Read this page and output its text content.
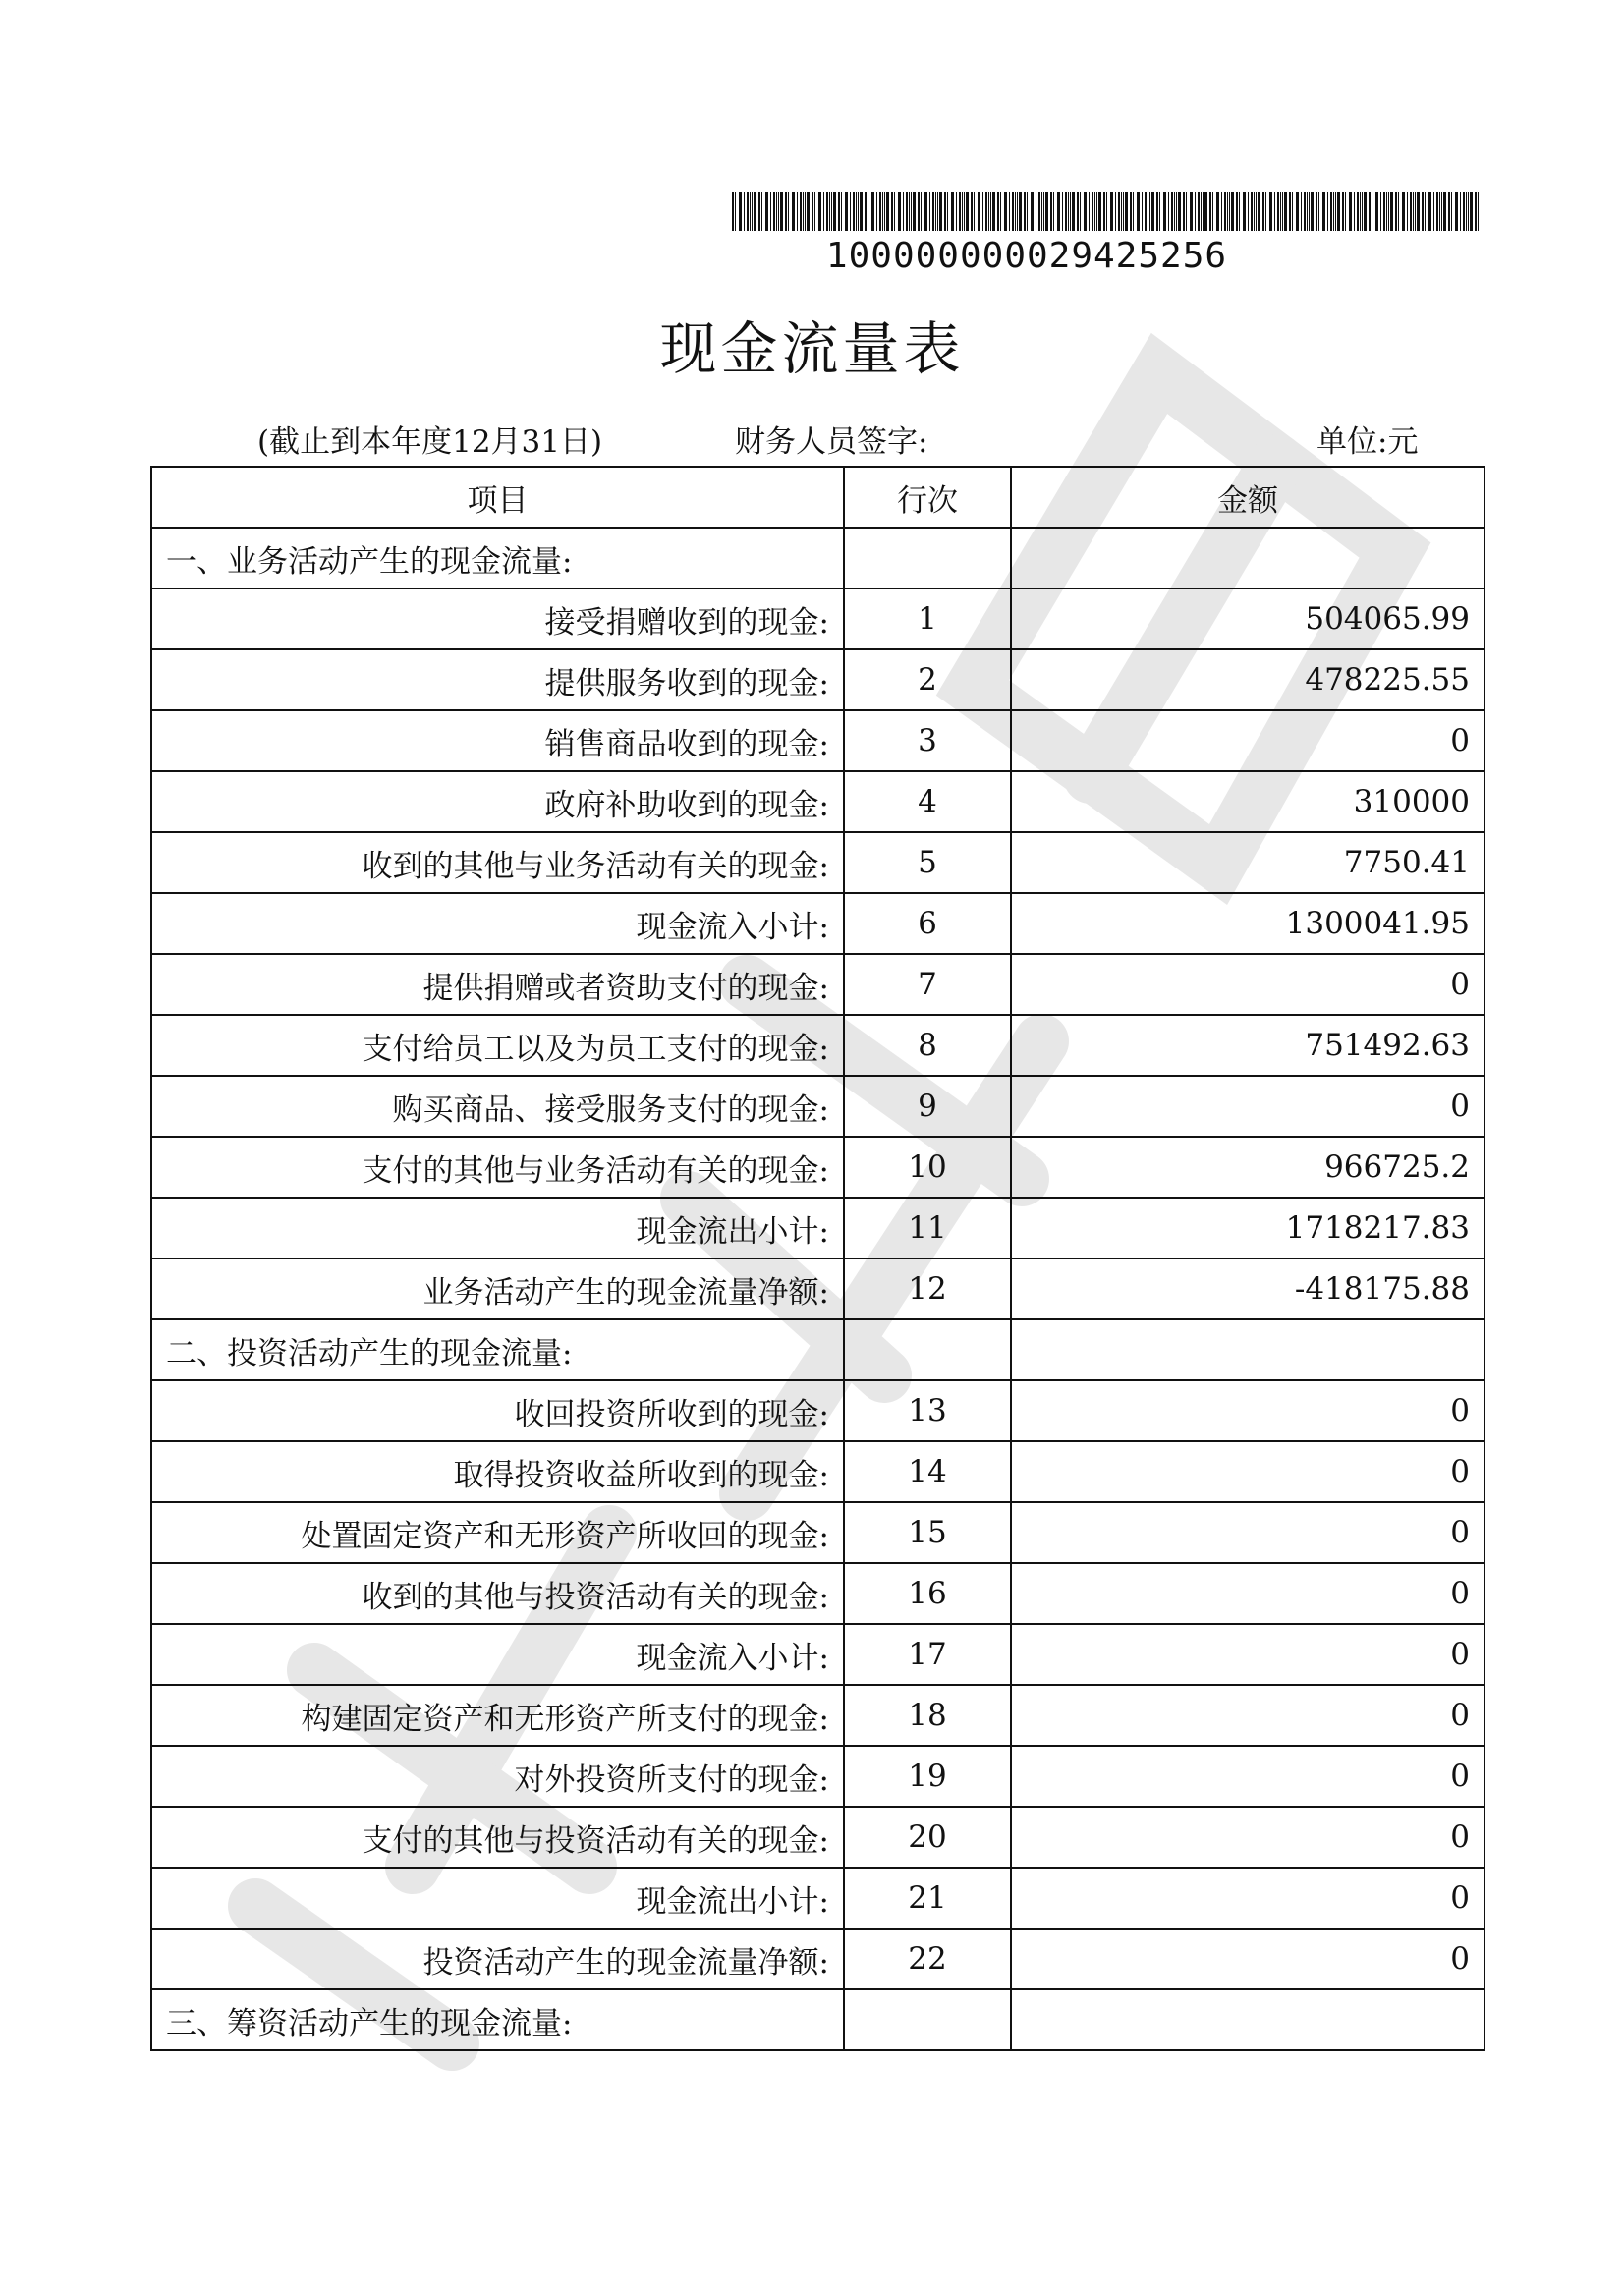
100000000029425256
现金流量表
(截止到本年度12月31日)	财务人员签字:	单位:元
项目	行次	金额
一、业务活动产生的现金流量:		
接受捐赠收到的现金:	1	504065.99
提供服务收到的现金:	2	478225.55
销售商品收到的现金:	3	0
政府补助收到的现金:	4	310000
收到的其他与业务活动有关的现金:	5	7750.41
现金流入小计:	6	1300041.95
提供捐赠或者资助支付的现金:	7	0
支付给员工以及为员工支付的现金:	8	751492.63
购买商品、接受服务支付的现金:	9	0
支付的其他与业务活动有关的现金:	10	966725.2
现金流出小计:	11	1718217.83
业务活动产生的现金流量净额:	12	-418175.88
二、投资活动产生的现金流量:		
收回投资所收到的现金:	13	0
取得投资收益所收到的现金:	14	0
处置固定资产和无形资产所收回的现金:	15	0
收到的其他与投资活动有关的现金:	16	0
现金流入小计:	17	0
构建固定资产和无形资产所支付的现金:	18	0
对外投资所支付的现金:	19	0
支付的其他与投资活动有关的现金:	20	0
现金流出小计:	21	0
投资活动产生的现金流量净额:	22	0
三、筹资活动产生的现金流量:		
